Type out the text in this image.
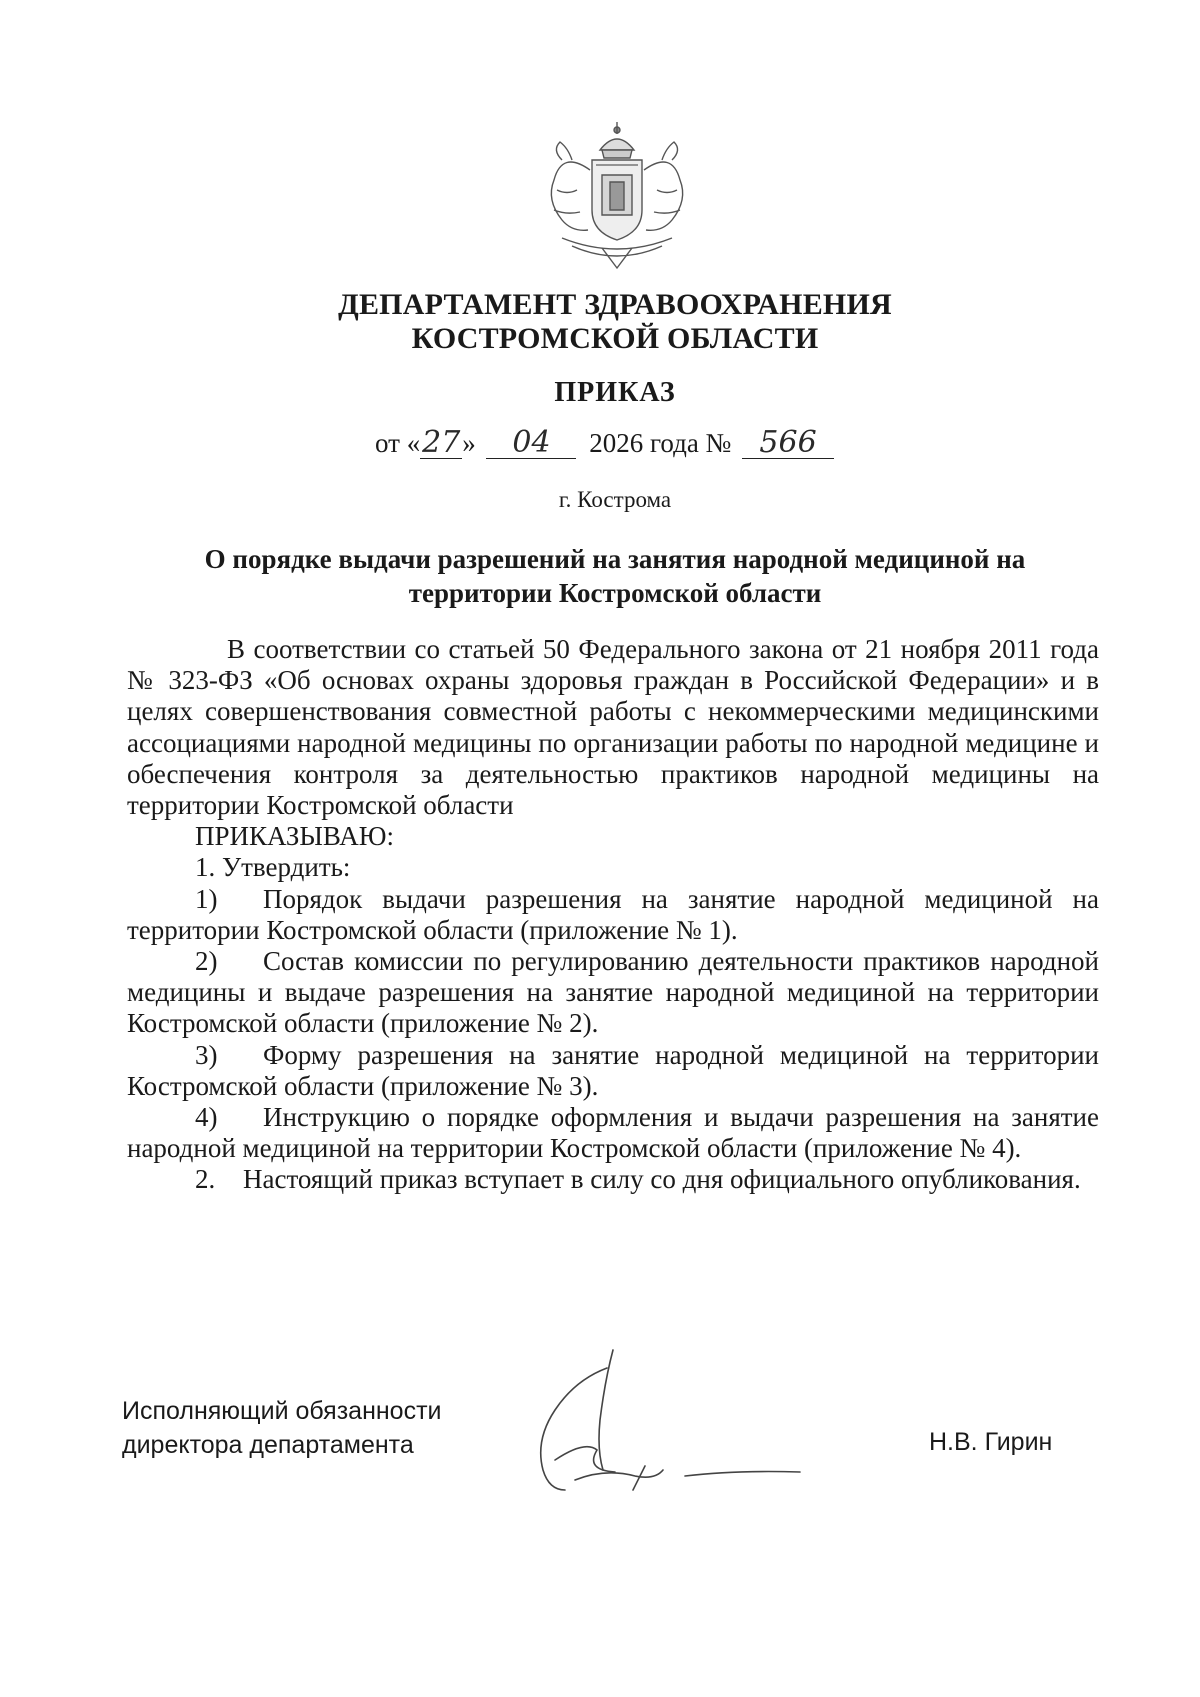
ДЕПАРТАМЕНТ ЗДРАВООХРАНЕНИЯ
КОСТРОМСКОЙ ОБЛАСТИ
ПРИКАЗ
от «27» 04 2026 года № 566
г. Кострома
О порядке выдачи разрешений на занятия народной медициной на
территории Костромской области

В соответствии со статьей 50 Федерального закона от 21 ноября 2011 года № 323-ФЗ «Об основах охраны здоровья граждан в Российской Федерации» и в целях совершенствования совместной работы с некоммерческими медицинскими ассоциациями народной медицины по организации работы по народной медицине и обеспечения контроля за деятельностью практиков народной медицины на территории Костромской области

ПРИКАЗЫВАЮ:

1. Утвердить:

1) Порядок выдачи разрешения на занятие народной медициной на территории Костромской области (приложение № 1).

2) Состав комиссии по регулированию деятельности практиков народной медицины и выдаче разрешения на занятие народной медициной на территории Костромской области (приложение № 2).

3) Форму разрешения на занятие народной медициной на территории Костромской области (приложение № 3).

4) Инструкцию о порядке оформления и выдачи разрешения на занятие народной медициной на территории Костромской области (приложение № 4).

2. Настоящий приказ вступает в силу со дня официального опубликования.

Исполняющий обязанности
директора департамента	Н.В. Гирин
